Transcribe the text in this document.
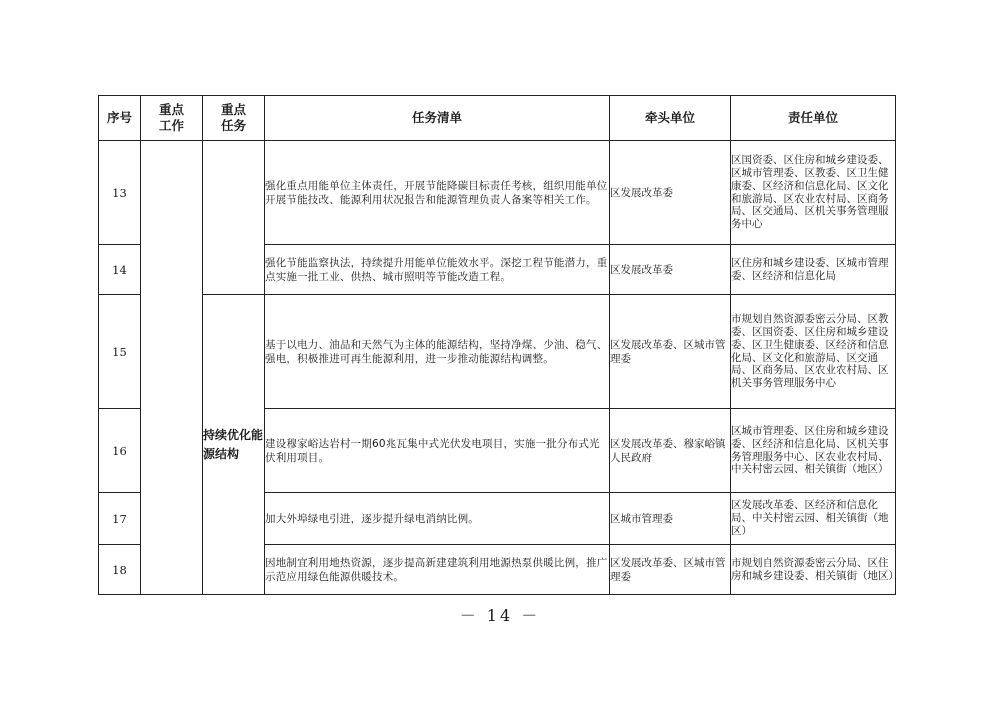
序号	重点工作	重点任务	任务清单	牵头单位	责任单位
13			强化重点用能单位主体责任，开展节能降碳目标责任考核，组织用能单位开展节能技改、能源利用状况报告和能源管理负责人备案等相关工作。	区发展改革委	区国资委、区住房和城乡建设委、区城市管理委、区教委、区卫生健康委、区经济和信息化局、区文化和旅游局、区农业农村局、区商务局、区交通局、区机关事务管理服务中心
14			强化节能监察执法，持续提升用能单位能效水平。深挖工程节能潜力，重点实施一批工业、供热、城市照明等节能改造工程。	区发展改革委	区住房和城乡建设委、区城市管理委、区经济和信息化局
15		持续优化能源结构	基于以电力、油品和天然气为主体的能源结构，坚持净煤、少油、稳气、强电，积极推进可再生能源利用，进一步推动能源结构调整。	区发展改革委、区城市管理委	市规划自然资源委密云分局、区教委、区国资委、区住房和城乡建设委、区卫生健康委、区经济和信息化局、区文化和旅游局、区交通局、区商务局、区农业农村局、区机关事务管理服务中心
16			建设穆家峪达岩村一期60兆瓦集中式光伏发电项目，实施一批分布式光伏利用项目。	区发展改革委、穆家峪镇人民政府	区城市管理委、区住房和城乡建设委、区经济和信息化局、区机关事务管理服务中心、区农业农村局、中关村密云园、相关镇街（地区）
17			加大外埠绿电引进，逐步提升绿电消纳比例。	区城市管理委	区发展改革委、区经济和信息化局、中关村密云园、相关镇街（地区）
18			因地制宜利用地热资源，逐步提高新建建筑利用地源热泵供暖比例，推广示范应用绿色能源供暖技术。	区发展改革委、区城市管理委	市规划自然资源委密云分局、区住房和城乡建设委、相关镇街（地区）
－ 14 －
